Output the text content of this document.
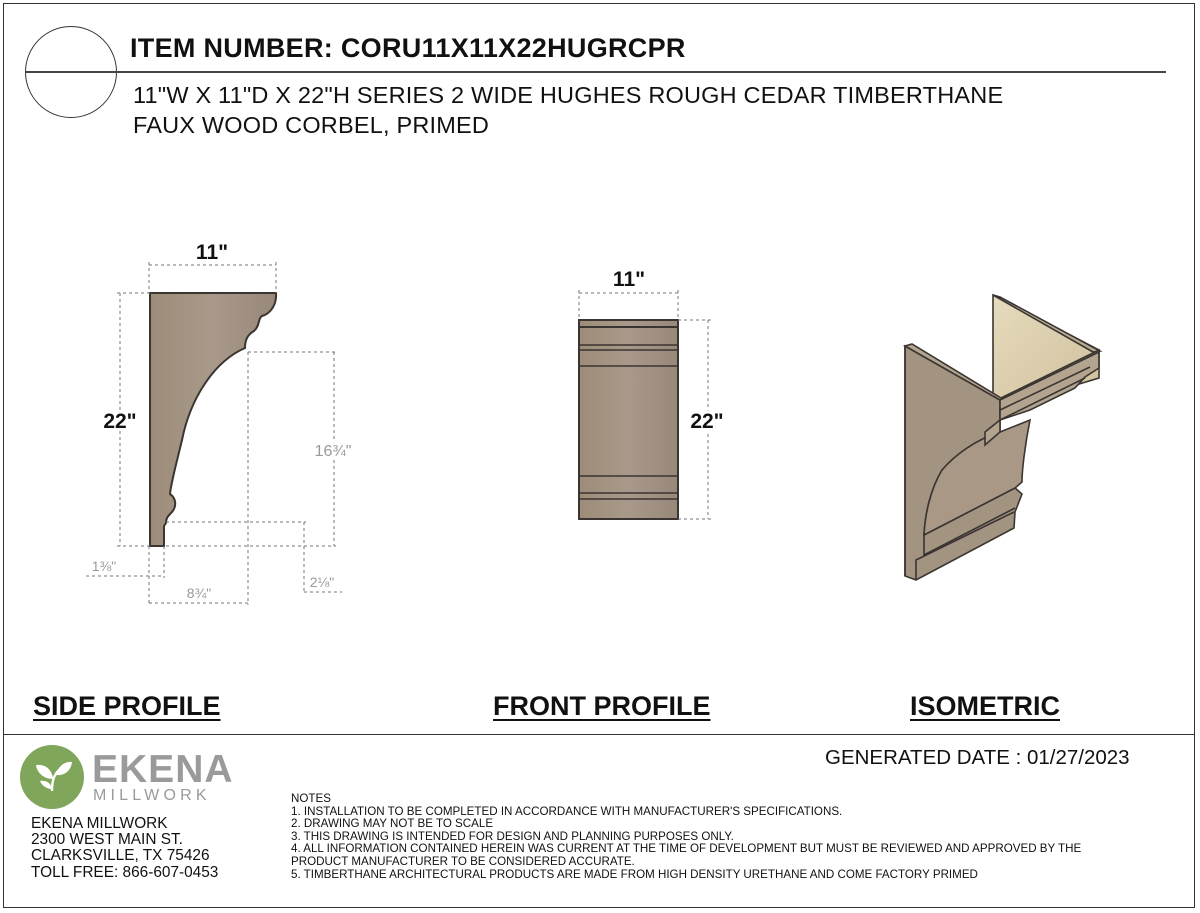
ITEM NUMBER: CORU11X11X22HUGRCPR
11"W X 11"D X 22"H SERIES 2 WIDE HUGHES ROUGH CEDAR TIMBERTHANE
FAUX WOOD CORBEL, PRIMED
11"
22"
16¾"
1⅜"
8¾"
2⅛"
11"
22"
SIDE PROFILE	FRONT PROFILE	ISOMETRIC
GENERATED DATE : 01/27/2023
EKENA
MILLWORK
EKENA MILLWORK
2300 WEST MAIN ST.
CLARKSVILLE, TX 75426
TOLL FREE: 866-607-0453
NOTES
1. INSTALLATION TO BE COMPLETED IN ACCORDANCE WITH MANUFACTURER'S SPECIFICATIONS.
2. DRAWING MAY NOT BE TO SCALE
3. THIS DRAWING IS INTENDED FOR DESIGN AND PLANNING PURPOSES ONLY.
4. ALL INFORMATION CONTAINED HEREIN WAS CURRENT AT THE TIME OF DEVELOPMENT BUT MUST BE REVIEWED AND APPROVED BY THE
PRODUCT MANUFACTURER TO BE CONSIDERED ACCURATE.
5. TIMBERTHANE ARCHITECTURAL PRODUCTS ARE MADE FROM HIGH DENSITY URETHANE AND COME FACTORY PRIMED
